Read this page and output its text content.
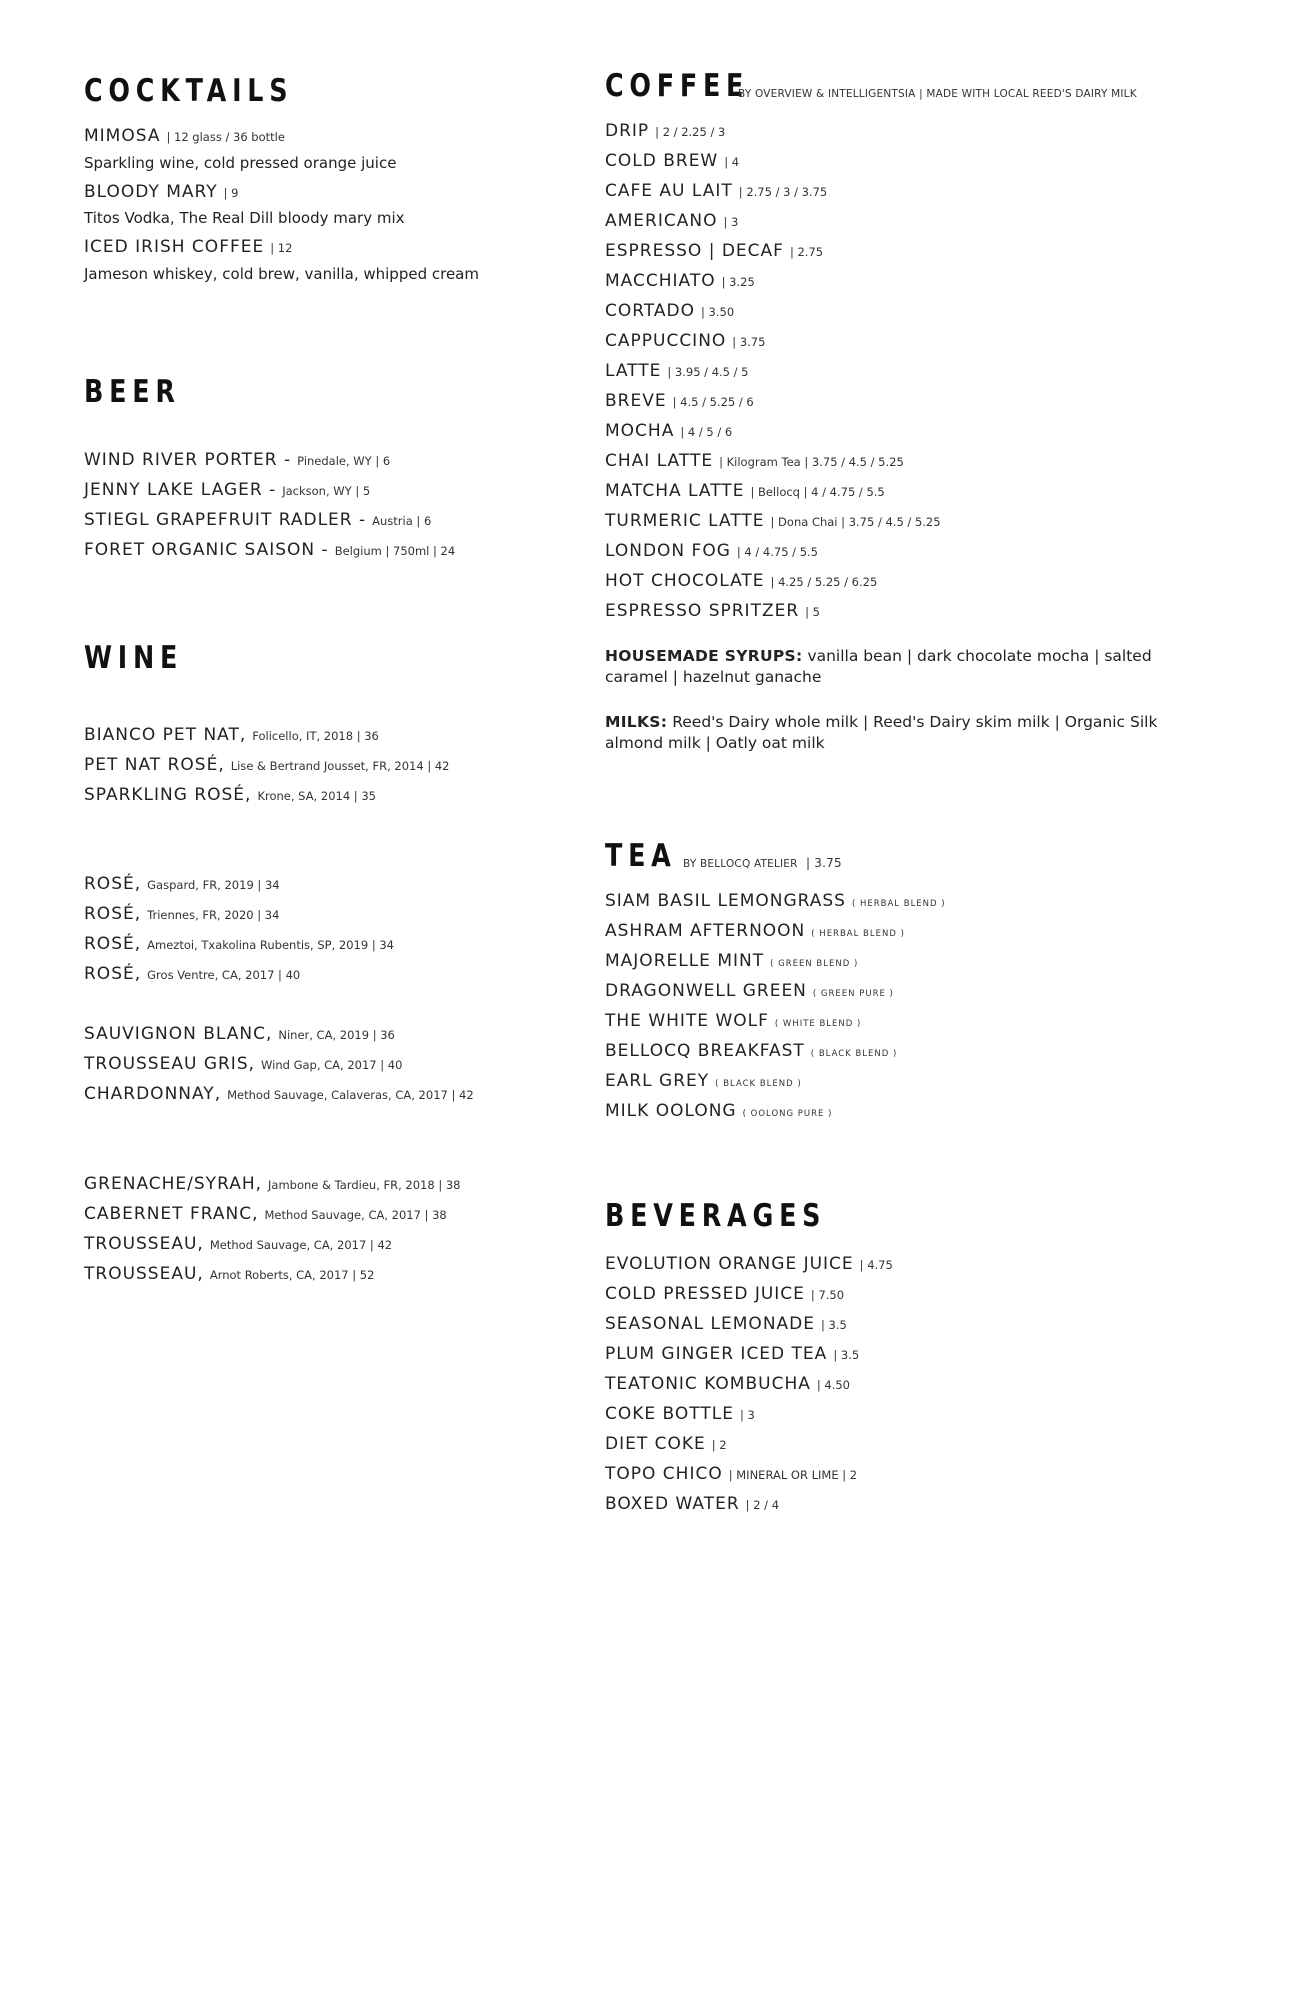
COCKTAILS
MIMOSA | 12 glass / 36 bottle
Sparkling wine, cold pressed orange juice
BLOODY MARY | 9
Titos Vodka, The Real Dill bloody mary mix
ICED IRISH COFFEE | 12
Jameson whiskey, cold brew, vanilla, whipped cream
BEER
WIND RIVER PORTER - Pinedale, WY | 6
JENNY LAKE LAGER - Jackson, WY | 5
STIEGL GRAPEFRUIT RADLER - Austria | 6
FORET ORGANIC SAISON - Belgium | 750ml | 24
WINE
BIANCO PET NAT, Folicello, IT, 2018 | 36
PET NAT ROSÉ, Lise & Bertrand Jousset, FR, 2014 | 42
SPARKLING ROSÉ, Krone, SA, 2014 | 35
ROSÉ, Gaspard, FR, 2019 | 34
ROSÉ, Triennes, FR, 2020 | 34
ROSÉ, Ameztoi, Txakolina Rubentis, SP, 2019 | 34
ROSÉ, Gros Ventre, CA, 2017 | 40
SAUVIGNON BLANC, Niner, CA, 2019 | 36
TROUSSEAU GRIS, Wind Gap, CA, 2017 | 40
CHARDONNAY, Method Sauvage, Calaveras, CA, 2017 | 42
GRENACHE/SYRAH, Jambone & Tardieu, FR, 2018 | 38
CABERNET FRANC, Method Sauvage, CA, 2017 | 38
TROUSSEAU, Method Sauvage, CA, 2017 | 42
TROUSSEAU, Arnot Roberts, CA, 2017 | 52
COFFEE
BY OVERVIEW & INTELLIGENTSIA | MADE WITH LOCAL REED'S DAIRY MILK
DRIP | 2 / 2.25 / 3
COLD BREW | 4
CAFE AU LAIT | 2.75 / 3 / 3.75
AMERICANO | 3
ESPRESSO | DECAF | 2.75
MACCHIATO | 3.25
CORTADO | 3.50
CAPPUCCINO | 3.75
LATTE | 3.95 / 4.5 / 5
BREVE | 4.5 / 5.25 / 6
MOCHA | 4 / 5 / 6
CHAI LATTE | Kilogram Tea | 3.75 / 4.5 / 5.25
MATCHA LATTE | Bellocq | 4 / 4.75 / 5.5
TURMERIC LATTE | Dona Chai | 3.75 / 4.5 / 5.25
LONDON FOG | 4 / 4.75 / 5.5
HOT CHOCOLATE | 4.25 / 5.25 / 6.25
ESPRESSO SPRITZER | 5

HOUSEMADE SYRUPS: vanilla bean | dark chocolate mocha | salted caramel | hazelnut ganache

MILKS: Reed's Dairy whole milk | Reed's Dairy skim milk | Organic Silk almond milk | Oatly oat milk

TEA BY BELLOCQ ATELIER | 3.75
SIAM BASIL LEMONGRASS ( HERBAL BLEND )
ASHRAM AFTERNOON ( HERBAL BLEND )
MAJORELLE MINT ( GREEN BLEND )
DRAGONWELL GREEN ( GREEN PURE )
THE WHITE WOLF ( WHITE BLEND )
BELLOCQ BREAKFAST ( BLACK BLEND )
EARL GREY ( BLACK BLEND )
MILK OOLONG ( OOLONG PURE )
BEVERAGES
EVOLUTION ORANGE JUICE | 4.75
COLD PRESSED JUICE | 7.50
SEASONAL LEMONADE | 3.5
PLUM GINGER ICED TEA | 3.5
TEATONIC KOMBUCHA | 4.50
COKE BOTTLE | 3
DIET COKE | 2
TOPO CHICO | MINERAL OR LIME | 2
BOXED WATER | 2 / 4
